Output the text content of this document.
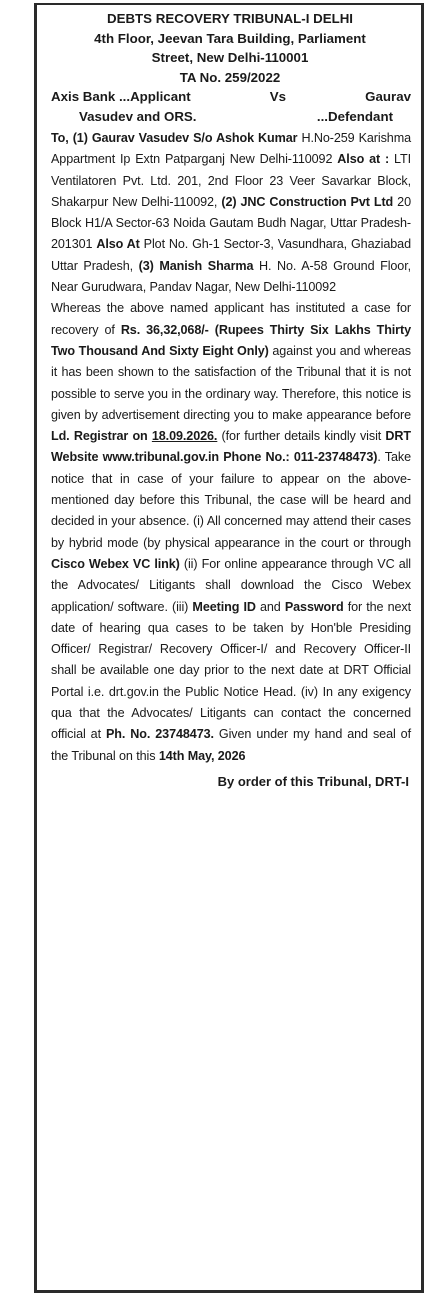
DEBTS RECOVERY TRIBUNAL-I DELHI
4th Floor, Jeevan Tara Building, Parliament
Street, New Delhi-110001
TA No. 259/2022
Axis Bank ...Applicant	Vs	Gaurav
Vasudev and ORS.	...Defendant
To, (1) Gaurav Vasudev S/o Ashok Kumar H.No-259 Karishma Appartment Ip Extn Patparganj New Delhi-110092 Also at : LTI Ventilatoren Pvt. Ltd. 201, 2nd Floor 23 Veer Savarkar Block, Shakarpur New Delhi-110092, (2) JNC Construction Pvt Ltd 20 Block H1/A Sector-63 Noida Gautam Budh Nagar, Uttar Pradesh-201301 Also At Plot No. Gh-1 Sector-3, Vasundhara, Ghaziabad Uttar Pradesh, (3) Manish Sharma H. No. A-58 Ground Floor, Near Gurudwara, Pandav Nagar, New Delhi-110092
Whereas the above named applicant has instituted a case for recovery of Rs. 36,32,068/- (Rupees Thirty Six Lakhs Thirty Two Thousand And Sixty Eight Only) against you and whereas it has been shown to the satisfaction of the Tribunal that it is not possible to serve you in the ordinary way. Therefore, this notice is given by advertisement directing you to make appearance before Ld. Registrar on 18.09.2026. (for further details kindly visit DRT Website www.tribunal.gov.in Phone No.: 011-23748473). Take notice that in case of your failure to appear on the above-mentioned day before this Tribunal, the case will be heard and decided in your absence. (i) All concerned may attend their cases by hybrid mode (by physical appearance in the court or through Cisco Webex VC link) (ii) For online appearance through VC all the Advocates/ Litigants shall download the Cisco Webex application/ software. (iii) Meeting ID and Password for the next date of hearing qua cases to be taken by Hon'ble Presiding Officer/ Registrar/ Recovery Officer-I/ and Recovery Officer-II shall be available one day prior to the next date at DRT Official Portal i.e. drt.gov.in the Public Notice Head. (iv) In any exigency qua that the Advocates/ Litigants can contact the concerned official at Ph. No. 23748473. Given under my hand and seal of the Tribunal on this 14th May, 2026
By order of this Tribunal, DRT-I
